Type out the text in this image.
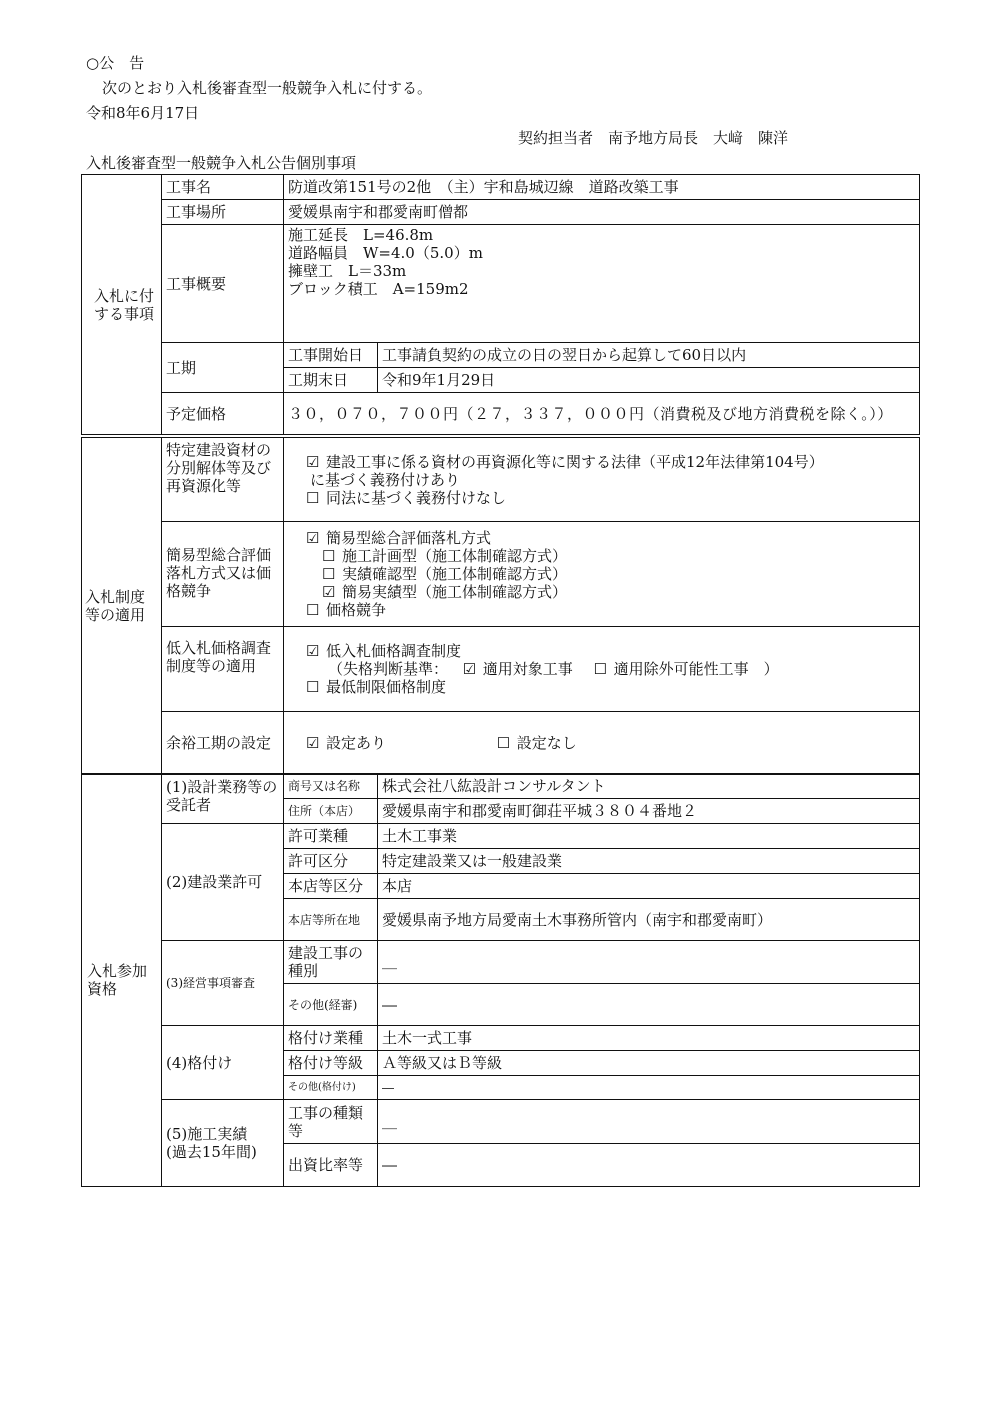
○公　告
次のとおり入札後審査型一般競争入札に付する。
令和8年6月17日
契約担当者　南予地方局長　大﨑　陳洋
入札後審査型一般競争入札公告個別事項
入札に付する事項	工事名	防道改第151号の2他　（主）宇和島城辺線　道路改築工事	
	工事場所	愛媛県南宇和郡愛南町僧都	
	工事概要	施工延長　L=46.8m
道路幅員　W=4.0（5.0）m
擁壁工　L＝33m
ブロック積工　A=159m2	

	工期	工事開始日	工事請負契約の成立の日の翌日から起算して60日以内
		工期末日	令和9年1月29日
	予定価格	３０，０７０，７００円（２７，３３７，０００円（消費税及び地方消費税を除く。））	
入札制度等の適用	特定建設資材の分別解体等及び再資源化等	☑ 建設工事に係る資材の再資源化等に関する法律（平成12年法律第104号）
に基づく義務付けあり
☐ 同法に基づく義務付けなし

	簡易型総合評価落札方式又は価格競争	☑ 簡易型総合評価落札方式
☐ 施工計画型（施工体制確認方式）
☐ 実績確認型（施工体制確認方式）
☑ 簡易実績型（施工体制確認方式）
☐ 価格競争

	低入札価格調査制度等の適用	☑ 低入札価格調査制度
（失格判断基準： ☑ 適用対象工事 ☐ 適用除外可能性工事　）
☐ 最低制限価格制度

	余裕工期の設定	☑ 設定あり ☐ 設定なし
入札参加資格	(1)設計業務等の受託者	商号又は名称	株式会社八紘設計コンサルタント
		住所（本店）	愛媛県南宇和郡愛南町御荘平城３８０４番地２
	(2)建設業許可	許可業種	土木工事業
		許可区分	特定建設業又は一般建設業
		本店等区分	本店
		本店等所在地	愛媛県南予地方局愛南土木事務所管内（南宇和郡愛南町）
	(3)経営事項審査	建設工事の種別	＿
		その他(経審)	―
	(4)格付け	格付け業種	土木一式工事
		格付け等級	Ａ等級又はＢ等級
		その他(格付け)	―

	(5)施工実績
(過去15年間)	工事の種類等	＿
		出資比率等	―
